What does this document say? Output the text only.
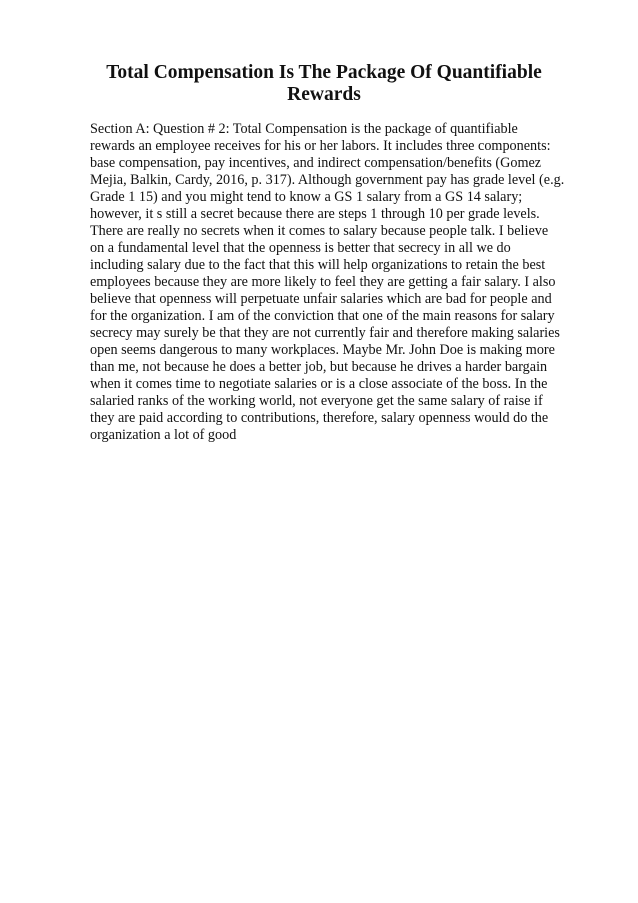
Total Compensation Is The Package Of Quantifiable Rewards
Section A: Question # 2: Total Compensation is the package of quantifiable
rewards an employee receives for his or her labors. It includes three components:
base compensation, pay incentives, and indirect compensation/benefits (Gomez
Mejia, Balkin, Cardy, 2016, p. 317). Although government pay has grade level (e.g.
Grade 1 15) and you might tend to know a GS 1 salary from a GS 14 salary;
however, it s still a secret because there are steps 1 through 10 per grade levels.
There are really no secrets when it comes to salary because people talk. I believe
on a fundamental level that the openness is better that secrecy in all we do
including salary due to the fact that this will help organizations to retain the best
employees because they are more likely to feel they are getting a fair salary. I also
believe that openness will perpetuate unfair salaries which are bad for people and
for the organization. I am of the conviction that one of the main reasons for salary
secrecy may surely be that they are not currently fair and therefore making salaries
open seems dangerous to many workplaces. Maybe Mr. John Doe is making more
than me, not because he does a better job, but because he drives a harder bargain
when it comes time to negotiate salaries or is a close associate of the boss. In the
salaried ranks of the working world, not everyone get the same salary of raise if
they are paid according to contributions, therefore, salary openness would do the
organization a lot of good
